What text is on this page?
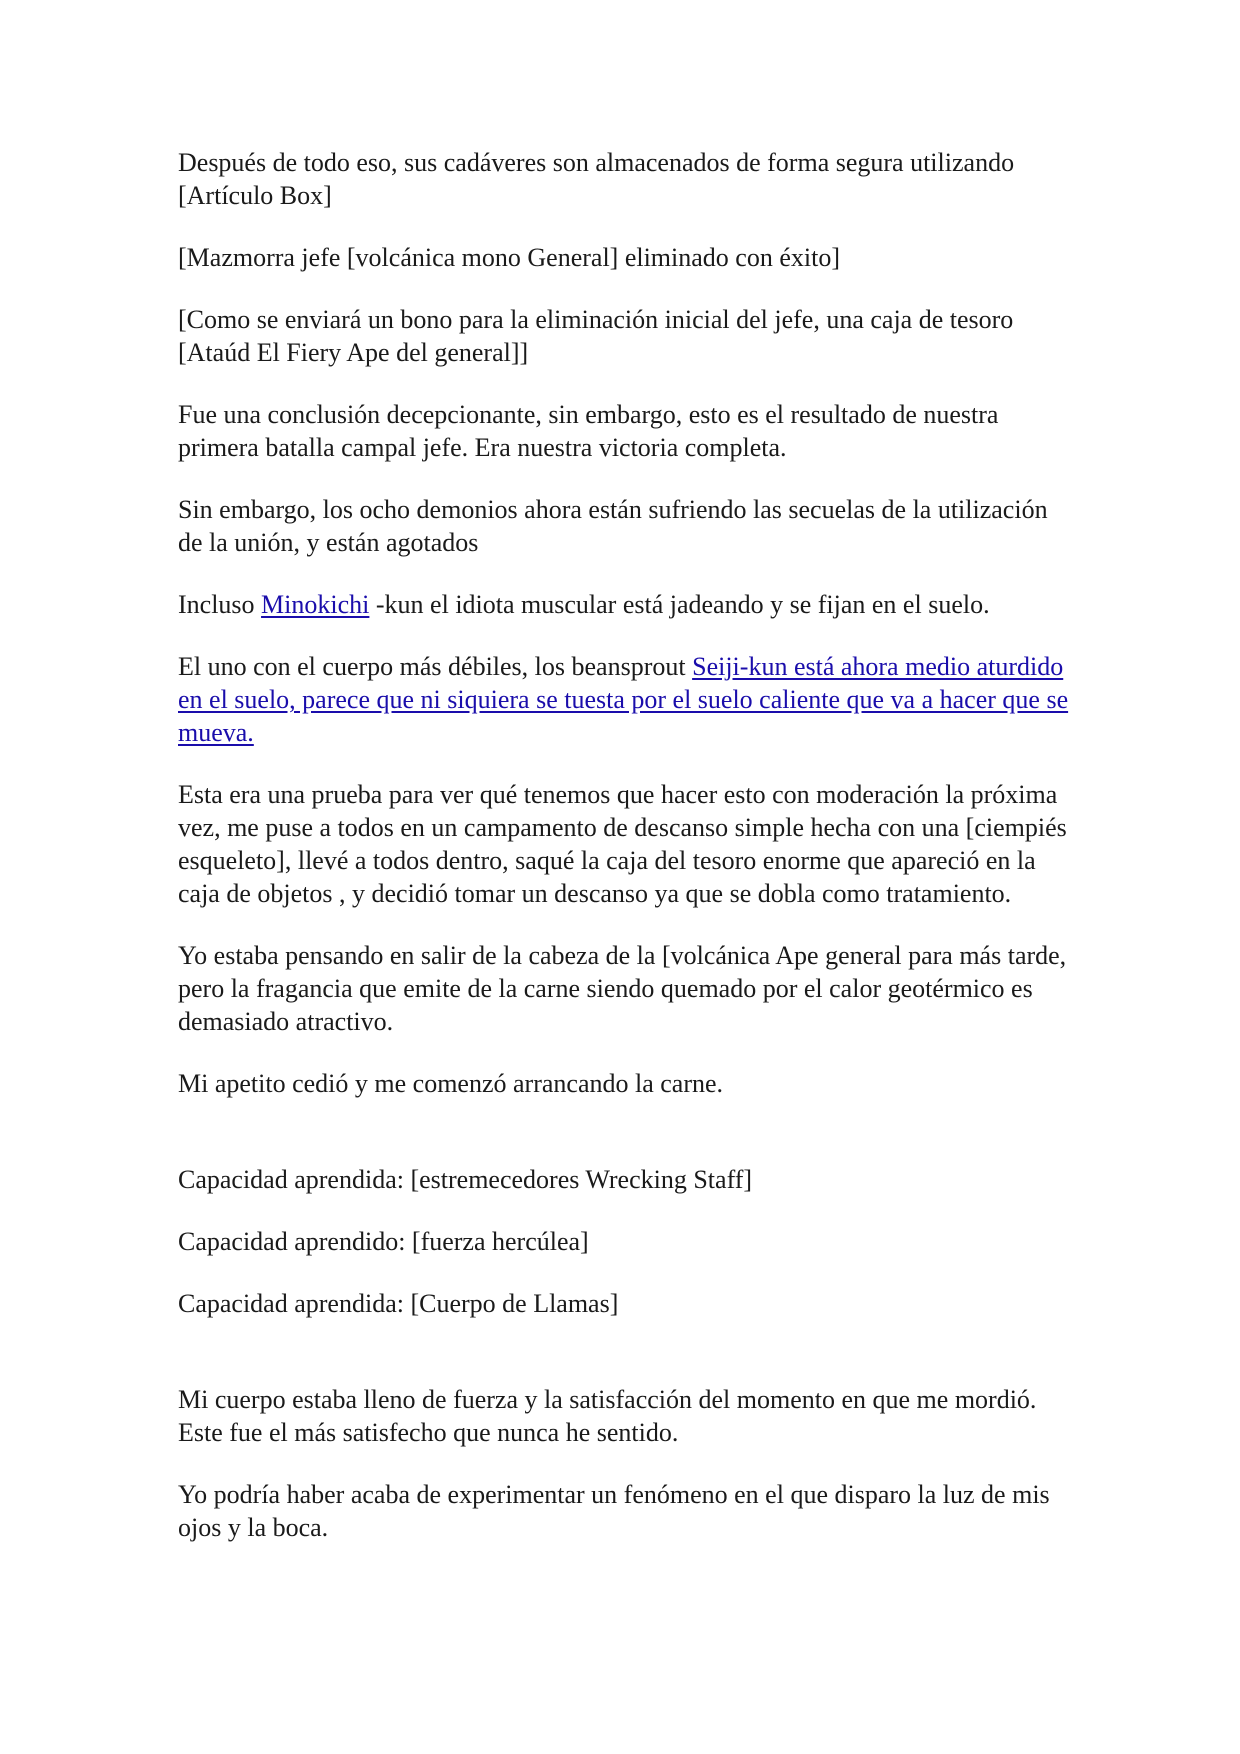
Después de todo eso, sus cadáveres son almacenados de forma segura utilizando [Artículo Box]

[Mazmorra jefe [volcánica mono General] eliminado con éxito]

[Como se enviará un bono para la eliminación inicial del jefe, una caja de tesoro [Ataúd El Fiery Ape del general]]

Fue una conclusión decepcionante, sin embargo, esto es el resultado de nuestra primera batalla campal jefe. Era nuestra victoria completa.

Sin embargo, los ocho demonios ahora están sufriendo las secuelas de la utilización de la unión, y están agotados

Incluso Minokichi -kun el idiota muscular está jadeando y se fijan en el suelo.

El uno con el cuerpo más débiles, los beansprout Seiji-kun está ahora medio aturdido en el suelo, parece que ni siquiera se tuesta por el suelo caliente que va a hacer que se mueva.

Esta era una prueba para ver qué tenemos que hacer esto con moderación la próxima vez, me puse a todos en un campamento de descanso simple hecha con una [ciempiés esqueleto], llevé a todos dentro, saqué la caja del tesoro enorme que apareció en la caja de objetos , y decidió tomar un descanso ya que se dobla como tratamiento.

Yo estaba pensando en salir de la cabeza de la [volcánica Ape general para más tarde, pero la fragancia que emite de la carne siendo quemado por el calor geotérmico es demasiado atractivo.

Mi apetito cedió y me comenzó arrancando la carne.

Capacidad aprendida: [estremecedores Wrecking Staff]

Capacidad aprendido: [fuerza hercúlea]

Capacidad aprendida: [Cuerpo de Llamas]

Mi cuerpo estaba lleno de fuerza y la satisfacción del momento en que me mordió. Este fue el más satisfecho que nunca he sentido.

Yo podría haber acaba de experimentar un fenómeno en el que disparo la luz de mis ojos y la boca.
